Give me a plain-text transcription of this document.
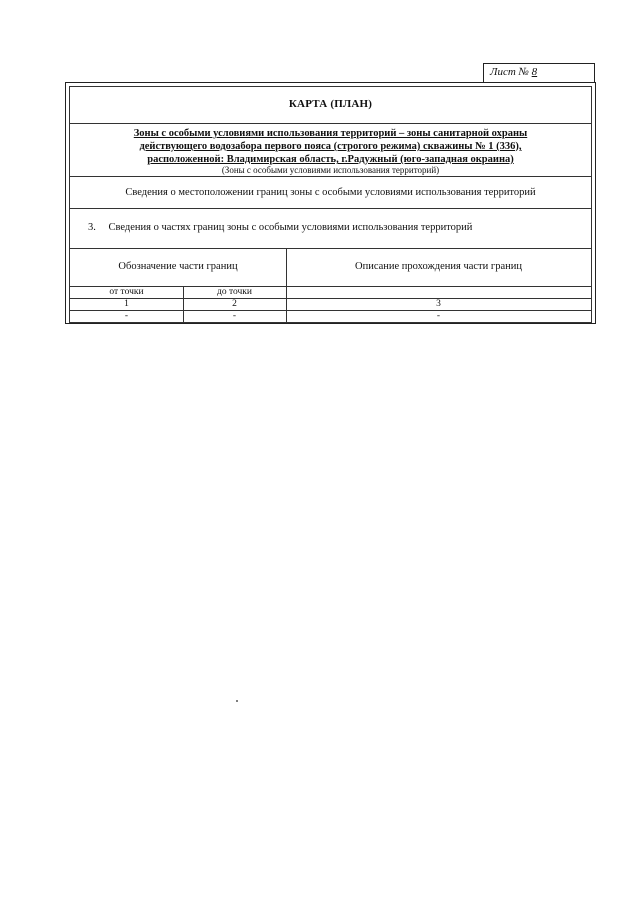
Лист № 8
КАРТА (ПЛАН)
Зоны с особыми условиями использования территорий – зоны санитарной охраны
действующего водозабора первого пояса (строгого режима) скважины № 1 (336),
расположенной: Владимирская область, г.Радужный (юго-западная окраина)
(Зоны с особыми условиями использования территорий)
Сведения о местоположении границ зоны с особыми условиями использования территорий
3. Сведения о частях границ зоны с особыми условиями использования территорий
Обозначение части границ	Описание прохождения части границ
от точки	до точки
1	2	3
-	-	-
